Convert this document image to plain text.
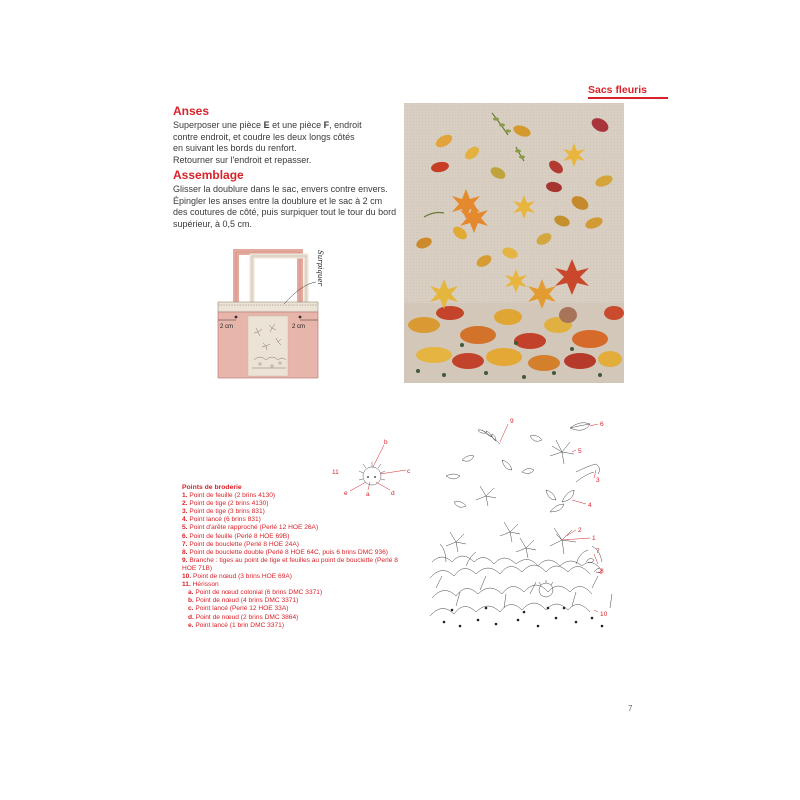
Sacs fleuris
Anses
Superposer une pièce E et une pièce F, endroit
contre endroit, et coudre les deux longs côtés
en suivant les bords du renfort.
Retourner sur l'endroit et repasser.
Assemblage
Glisser la doublure dans le sac, envers contre envers.
Épingler les anses entre la doublure et le sac à 2 cm
des coutures de côté, puis surpiquer tout le tour du bord
supérieur, à 0,5 cm.
2 cm	2 cm
Surpiquer
a
b
c
d
e
11
1
2
3
4
5
6
7
8
9
10
Points de broderie
1. Point de feuille (2 brins 4130)
2. Point de tige (2 brins 4130)
3. Point de tige (3 brins 831)
4. Point lancé (6 brins 831)
5. Point d'arête rapproché (Perlé 12 HOE 26A)
6. Point de feuille (Perlé 8 HOE 69B)
7. Point de bouclette (Perlé 8 HOE 24A)
8. Point de bouclette double (Perlé 8 HOE 64C, puis 6 brins DMC 936)
9. Branche : tiges au point de tige et feuilles au point de bouclette (Perlé 8 HOE 71B)
10. Point de nœud (3 brins HOE 69A)
11. Hérisson
a. Point de nœud colonial (6 brins DMC 3371)
b. Point de nœud (4 brins DMC 3371)
c. Point lancé (Perlé 12 HOE 33A)
d. Point de nœud (2 brins DMC 3864)
e. Point lancé (1 brin DMC 3371)
7
